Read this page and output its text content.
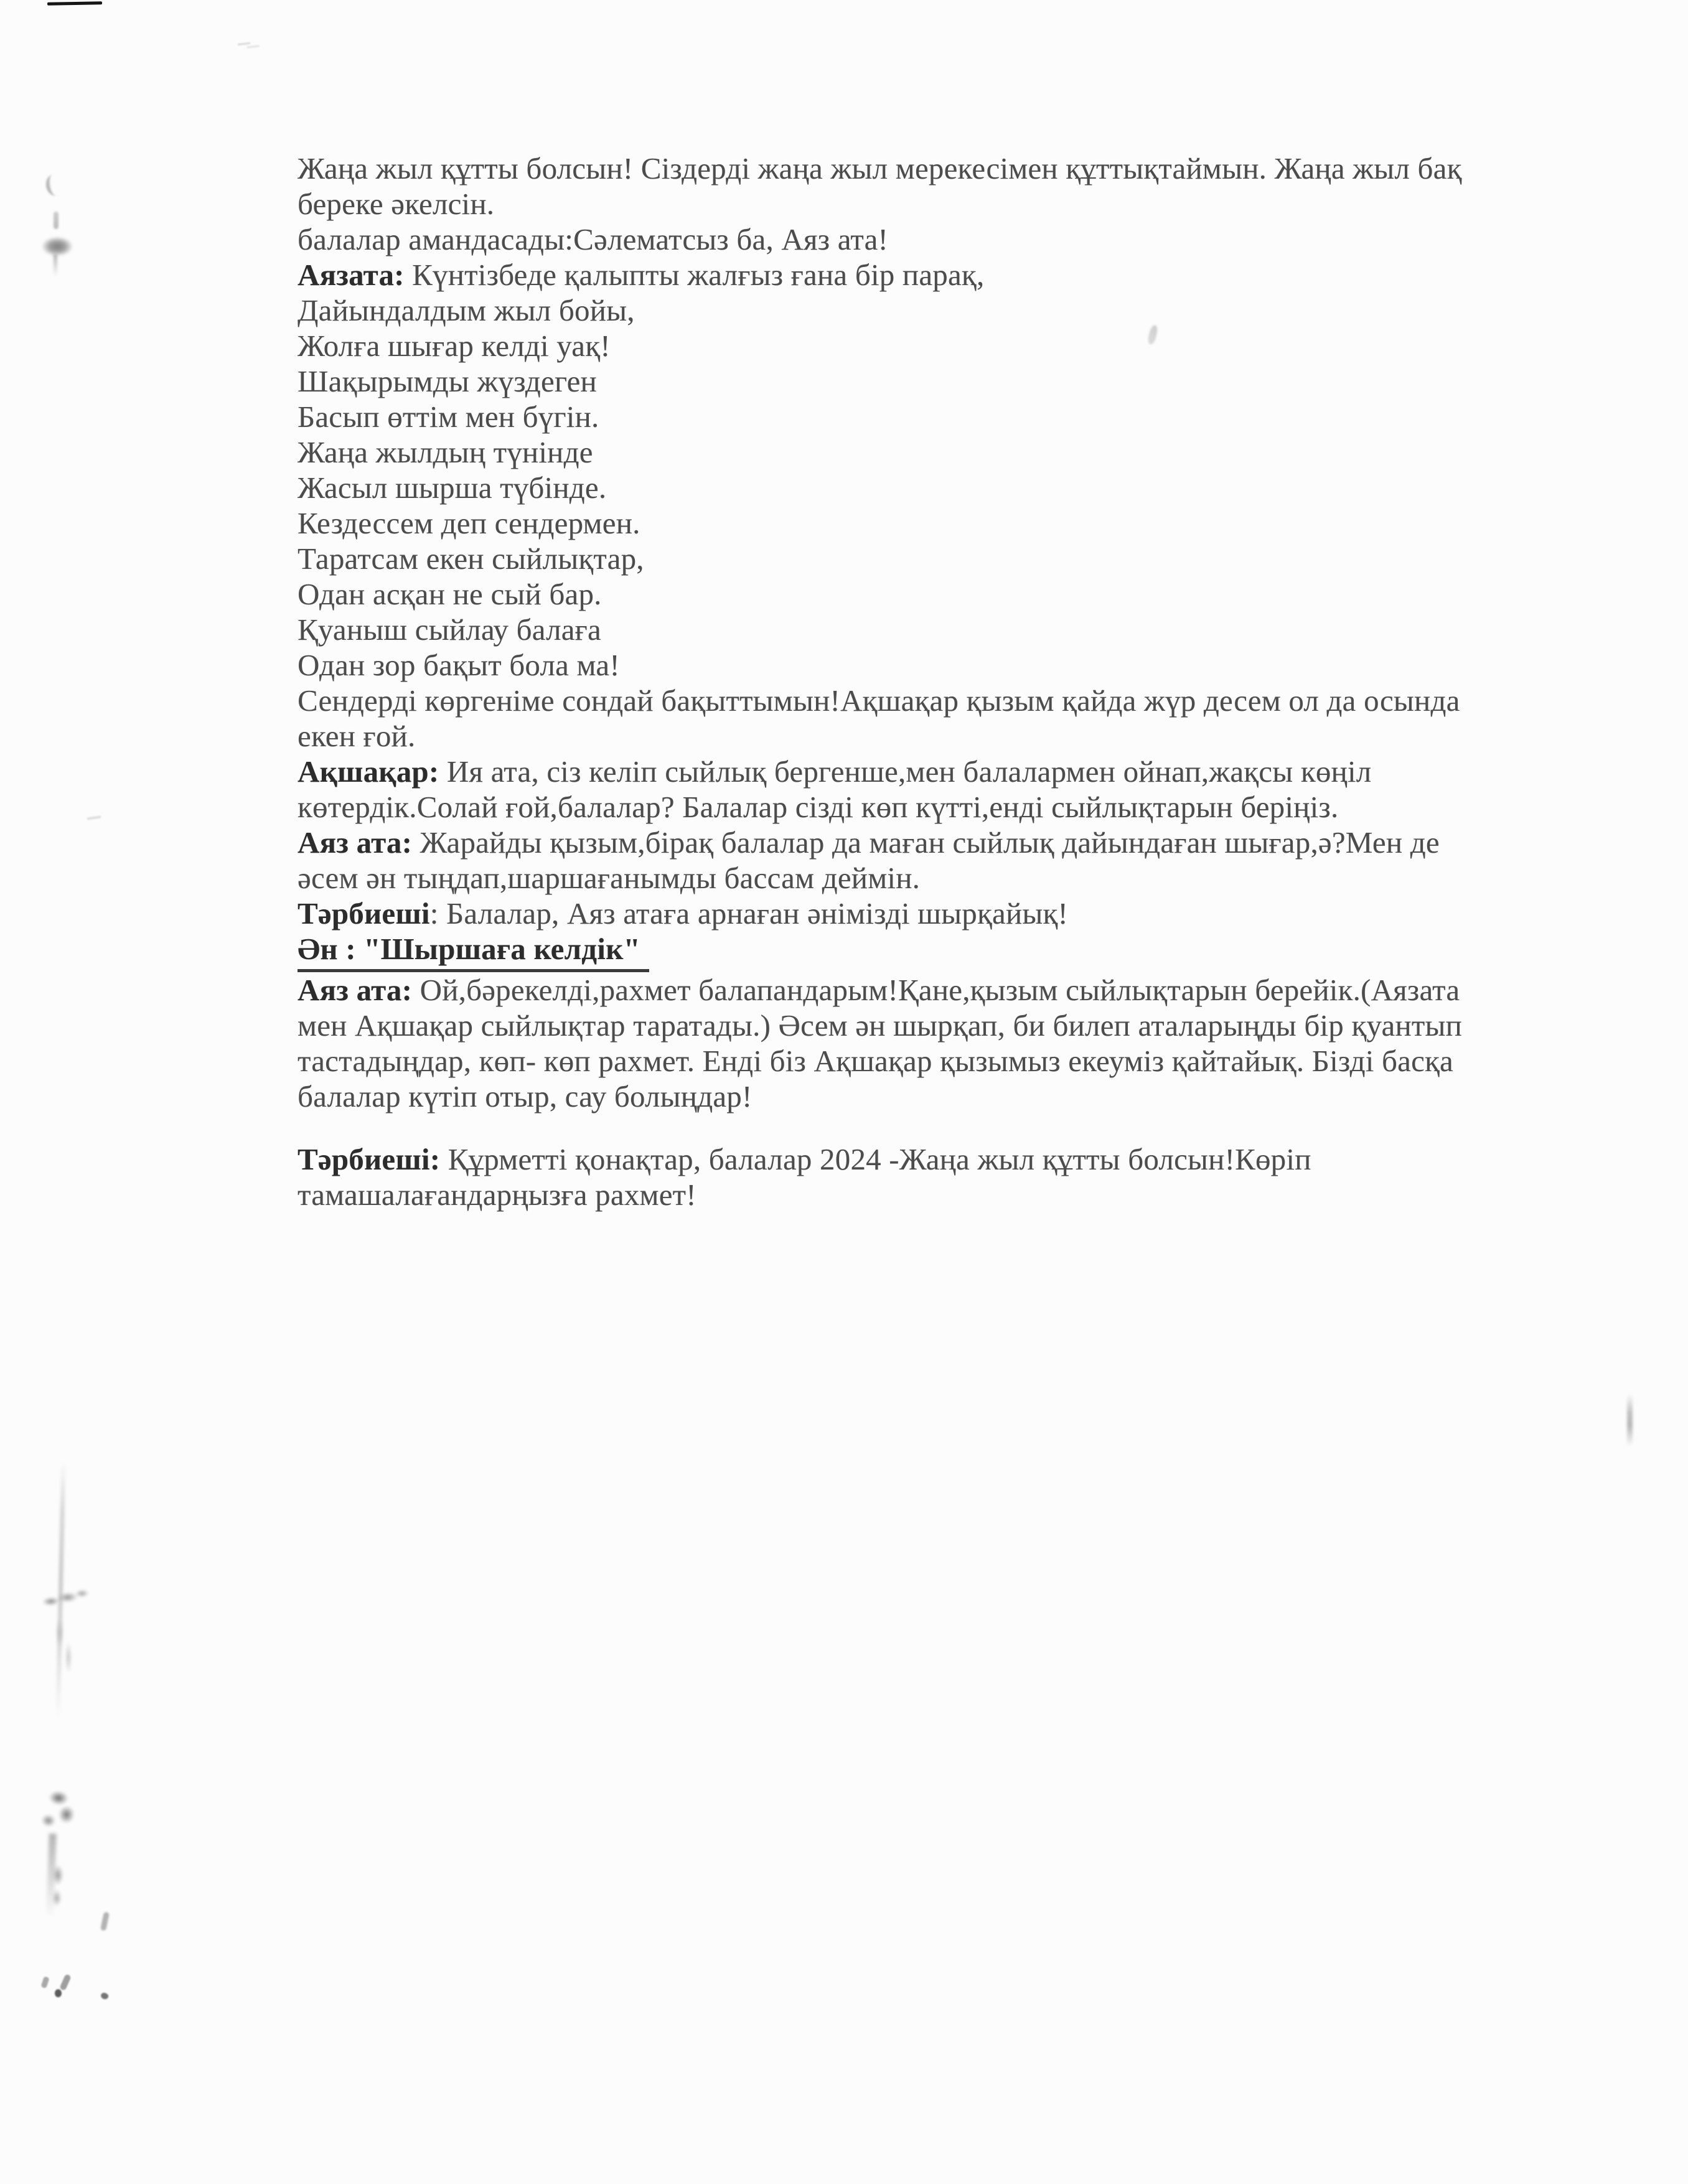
Жаңа жыл құтты болсын! Сіздерді жаңа жыл мерекесімен құттықтаймын. Жаңа жыл бақ
береке әкелсін.
балалар амандасады:Сәлематсыз ба, Аяз ата!
Аязата: Күнтізбеде қалыпты жалғыз ғана бір парақ,
Дайындалдым жыл бойы,
Жолға шығар келді уақ!
Шақырымды жүздеген
Басып өттім мен бүгін.
Жаңа жылдың түнінде
Жасыл шырша түбінде.
Кездессем деп сендермен.
Таратсам екен сыйлықтар,
Одан асқан не сый бар.
Қуаныш сыйлау балаға
Одан зор бақыт бола ма!
Сендерді көргеніме сондай бақыттымын!Ақшақар қызым қайда жүр десем ол да осында
екен ғой.
Ақшақар: Ия ата, сіз келіп сыйлық бергенше,мен балалармен ойнап,жақсы көңіл
көтердік.Солай ғой,балалар? Балалар сізді көп күтті,енді сыйлықтарын беріңіз.
Аяз ата: Жарайды қызым,бірақ балалар да маған сыйлық дайындаған шығар,ә?Мен де
әсем ән тыңдап,шаршағанымды бассам деймін.
Тәрбиеші: Балалар, Аяз атаға арнаған әнімізді шырқайық!
Ән : "Шыршаға келдік"
Аяз ата: Ой,бәрекелді,рахмет балапандарым!Қане,қызым сыйлықтарын берейік.(Аязата
мен Ақшақар сыйлықтар таратады.) Әсем ән шырқап, би билеп аталарыңды бір қуантып
тастадыңдар, көп- көп рахмет. Енді біз Ақшақар қызымыз екеуміз қайтайық. Бізді басқа
балалар күтіп отыр, сау болыңдар!
Тәрбиеші: Құрметті қонақтар, балалар 2024 -Жаңа жыл құтты болсын!Көріп
тамашалағандарңызға рахмет!
